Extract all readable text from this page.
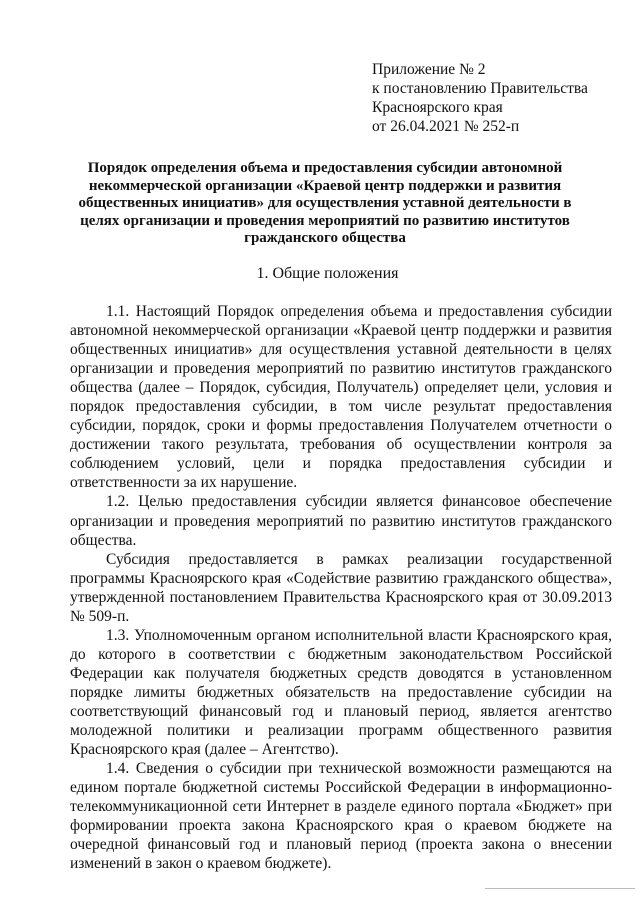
Приложение № 2
к постановлению Правительства
Красноярского края
от 26.04.2021 № 252-п
Порядок определения объема и предоставления субсидии автономной некоммерческой организации «Краевой центр поддержки и развития общественных инициатив» для осуществления уставной деятельности в целях организации и проведения мероприятий по развитию институтов гражданского общества
1. Общие положения

1.1. Настоящий Порядок определения объема и предоставления субсидии автономной некоммерческой организации «Краевой центр поддержки и развития общественных инициатив» для осуществления уставной деятельности в целях организации и проведения мероприятий по развитию институтов гражданского общества (далее – Порядок, субсидия, Получатель) определяет цели, условия и порядок предоставления субсидии, в том числе результат предоставления субсидии, порядок, сроки и формы предоставления Получателем отчетности о достижении такого результата, требования об осуществлении контроля за соблюдением условий, цели и порядка предоставления субсидии и ответственности за их нарушение.

1.2. Целью предоставления субсидии является финансовое обеспечение организации и проведения мероприятий по развитию институтов гражданского общества.

Субсидия предоставляется в рамках реализации государственной программы Красноярского края «Содействие развитию гражданского общества», утвержденной постановлением Правительства Красноярского края от 30.09.2013 № 509-п.

1.3. Уполномоченным органом исполнительной власти Красноярского края, до которого в соответствии с бюджетным законодательством Российской Федерации как получателя бюджетных средств доводятся в установленном порядке лимиты бюджетных обязательств на предоставление субсидии на соответствующий финансовый год и плановый период, является агентство молодежной политики и реализации программ общественного развития Красноярского края (далее – Агентство).

1.4. Сведения о субсидии при технической возможности размещаются на едином портале бюджетной системы Российской Федерации в информационно-телекоммуникационной сети Интернет в разделе единого портала «Бюджет» при формировании проекта закона Красноярского края о краевом бюджете на очередной финансовый год и плановый период (проекта закона о внесении изменений в закон о краевом бюджете).
